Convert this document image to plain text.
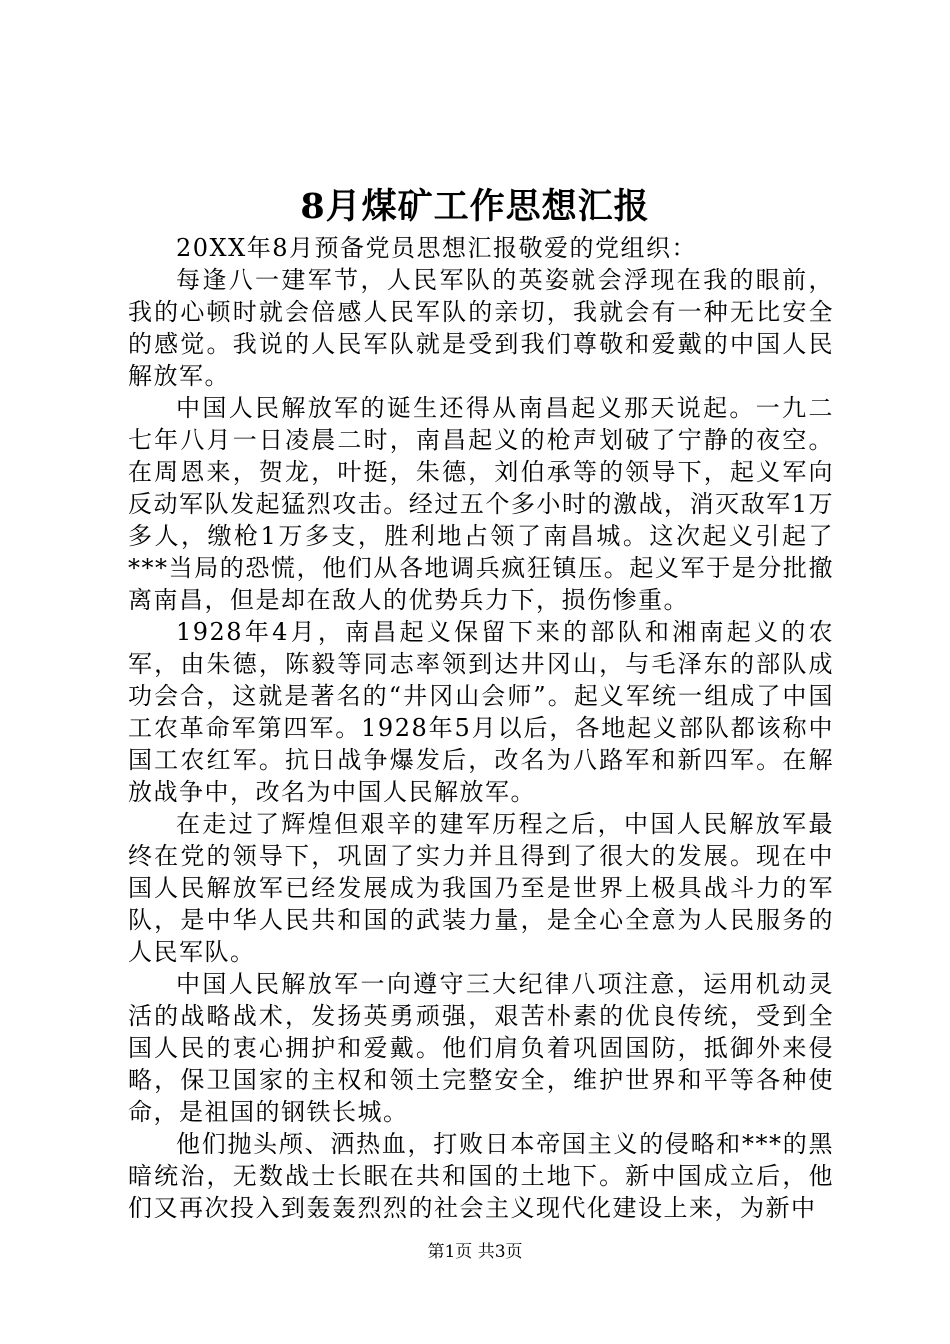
8月煤矿工作思想汇报

20XX年8月预备党员思想汇报敬爱的党组织：

每逢八一建军节，人民军队的英姿就会浮现在我的眼前，我的心顿时就会倍感人民军队的亲切，我就会有一种无比安全的感觉。我说的人民军队就是受到我们尊敬和爱戴的中国人民解放军。

中国人民解放军的诞生还得从南昌起义那天说起。一九二七年八月一日凌晨二时，南昌起义的枪声划破了宁静的夜空。在周恩来，贺龙，叶挺，朱德，刘伯承等的领导下，起义军向反动军队发起猛烈攻击。经过五个多小时的激战，消灭敌军1万多人，缴枪1万多支，胜利地占领了南昌城。这次起义引起了***当局的恐慌，他们从各地调兵疯狂镇压。起义军于是分批撤离南昌，但是却在敌人的优势兵力下，损伤惨重。

1928年4月，南昌起义保留下来的部队和湘南起义的农军，由朱德，陈毅等同志率领到达井冈山，与毛泽东的部队成功会合，这就是著名的“井冈山会师”。起义军统一组成了中国工农革命军第四军。1928年5月以后，各地起义部队都该称中国工农红军。抗日战争爆发后，改名为八路军和新四军。在解放战争中，改名为中国人民解放军。

在走过了辉煌但艰辛的建军历程之后，中国人民解放军最终在党的领导下，巩固了实力并且得到了很大的发展。现在中国人民解放军已经发展成为我国乃至是世界上极具战斗力的军队，是中华人民共和国的武装力量，是全心全意为人民服务的人民军队。

中国人民解放军一向遵守三大纪律八项注意，运用机动灵活的战略战术，发扬英勇顽强，艰苦朴素的优良传统，受到全国人民的衷心拥护和爱戴。他们肩负着巩固国防，抵御外来侵略，保卫国家的主权和领土完整安全，维护世界和平等各种使命，是祖国的钢铁长城。

他们抛头颅、洒热血，打败日本帝国主义的侵略和***的黑暗统治，无数战士长眠在共和国的土地下。新中国成立后，他们又再次投入到轰轰烈烈的社会主义现代化建设上来，为新中

第1页 共3页
